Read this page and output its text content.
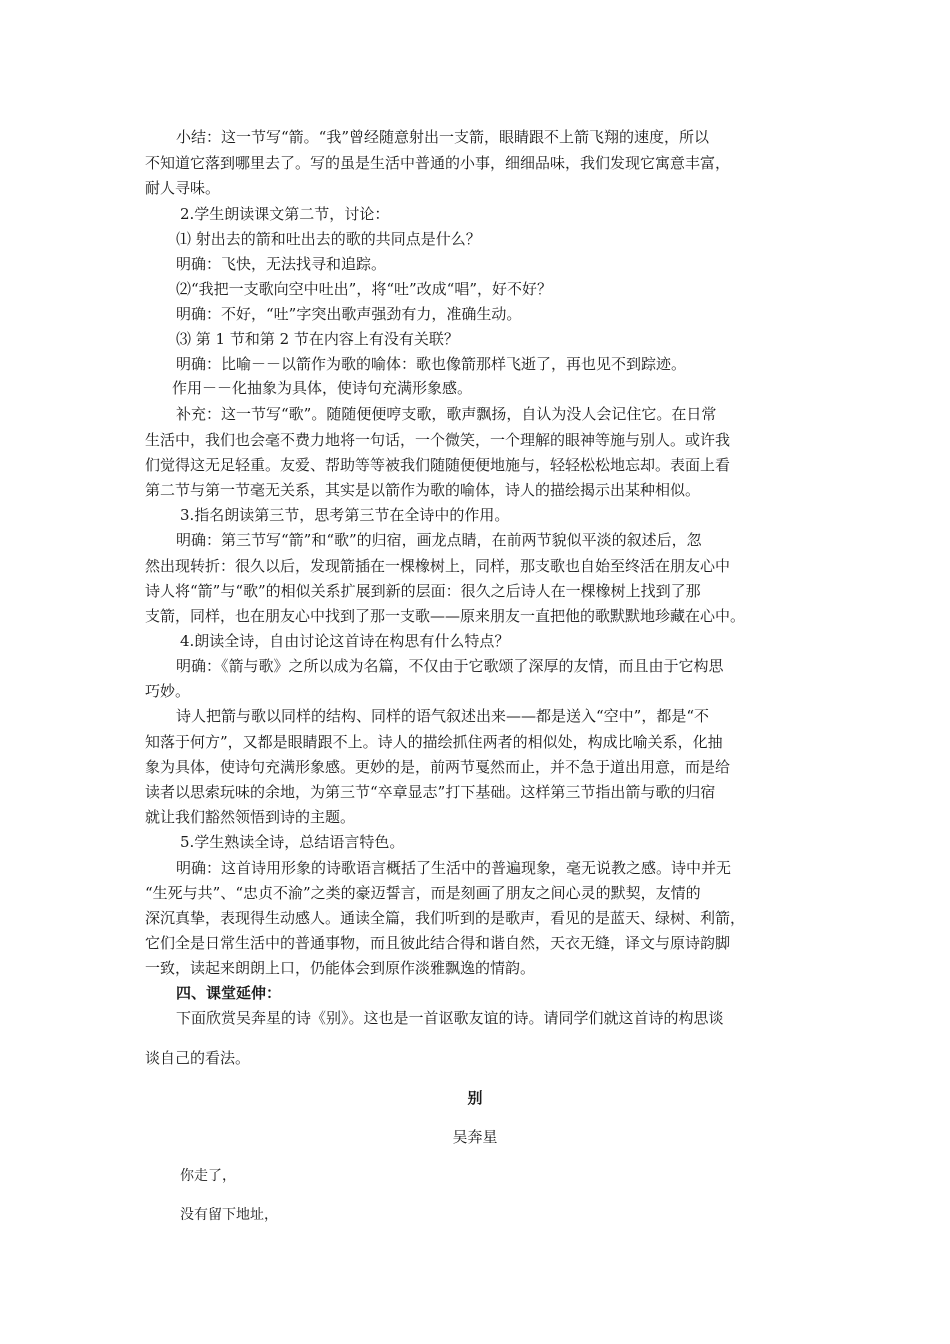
小结：这一节写“箭。“我”曾经随意射出一支箭，眼睛跟不上箭飞翔的速度，所以
不知道它落到哪里去了。写的虽是生活中普通的小事，细细品味，我们发现它寓意丰富，
耐人寻味。
2.学生朗读课文第二节，讨论：
⑴ 射出去的箭和吐出去的歌的共同点是什么？
明确：飞快，无法找寻和追踪。
⑵“我把一支歌向空中吐出”，将“吐”改成“唱”，好不好？
明确：不好，“吐”字突出歌声强劲有力，准确生动。
⑶ 第 1 节和第 2 节在内容上有没有关联？
明确：比喻－－以箭作为歌的喻体：歌也像箭那样飞逝了，再也见不到踪迹。
作用－－化抽象为具体，使诗句充满形象感。
补充：这一节写“歌”。随随便便哼支歌，歌声飘扬，自认为没人会记住它。在日常
生活中，我们也会毫不费力地将一句话，一个微笑，一个理解的眼神等施与别人。或许我
们觉得这无足轻重。友爱、帮助等等被我们随随便便地施与，轻轻松松地忘却。表面上看
第二节与第一节毫无关系，其实是以箭作为歌的喻体，诗人的描绘揭示出某种相似。
3.指名朗读第三节，思考第三节在全诗中的作用。
明确：第三节写“箭”和“歌”的归宿，画龙点睛，在前两节貌似平淡的叙述后，忽
然出现转折：很久以后，发现箭插在一棵橡树上，同样，那支歌也自始至终活在朋友心中
诗人将“箭”与“歌”的相似关系扩展到新的层面：很久之后诗人在一棵橡树上找到了那
支箭，同样，也在朋友心中找到了那一支歌——原来朋友一直把他的歌默默地珍藏在心中。
4.朗读全诗，自由讨论这首诗在构思有什么特点？
明确：《箭与歌》之所以成为名篇，不仅由于它歌颂了深厚的友情，而且由于它构思
巧妙。
诗人把箭与歌以同样的结构、同样的语气叙述出来——都是送入“空中”，都是“不
知落于何方”，又都是眼睛跟不上。诗人的描绘抓住两者的相似处，构成比喻关系，化抽
象为具体，使诗句充满形象感。更妙的是，前两节戛然而止，并不急于道出用意，而是给
读者以思索玩味的余地，为第三节“卒章显志”打下基础。这样第三节指出箭与歌的归宿
就让我们豁然领悟到诗的主题。
5.学生熟读全诗，总结语言特色。
明确：这首诗用形象的诗歌语言概括了生活中的普遍现象，毫无说教之感。诗中并无
“生死与共”、“忠贞不渝”之类的豪迈誓言，而是刻画了朋友之间心灵的默契，友情的
深沉真挚，表现得生动感人。通读全篇，我们听到的是歌声，看见的是蓝天、绿树、利箭，
它们全是日常生活中的普通事物，而且彼此结合得和谐自然，天衣无缝，译文与原诗韵脚
一致，读起来朗朗上口，仍能体会到原作淡雅飘逸的情韵。
四、课堂延伸：
下面欣赏吴奔星的诗《别》。这也是一首讴歌友谊的诗。请同学们就这首诗的构思谈
谈自己的看法。
别
吴奔星
你走了，
没有留下地址，
